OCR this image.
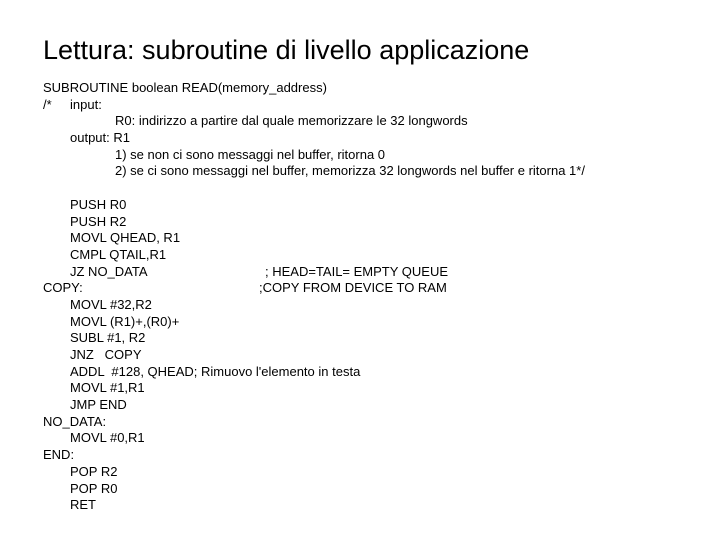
Lettura: subroutine di livello applicazione

SUBROUTINE boolean READ(memory_address)

/*

input:

R0: indirizzo a partire dal quale memorizzare le 32 longwords

output: R1

1) se non ci sono messaggi nel buffer, ritorna 0

2) se ci sono messaggi nel buffer, memorizza 32 longwords nel buffer e ritorna 1*/

PUSH R0

PUSH R2

MOVL QHEAD, R1

CMPL QTAIL,R1

JZ NO_DATA

	; HEAD=TAIL= EMPTY QUEUE

COPY:

	;COPY FROM DEVICE TO RAM

MOVL #32,R2

MOVL (R1)+,(R0)+

SUBL #1, R2

JNZ   COPY

ADDL  #128, QHEAD; Rimuovo l'elemento in testa

MOVL #1,R1

JMP END

NO_DATA:

MOVL #0,R1

END:

POP R2

POP R0

RET
